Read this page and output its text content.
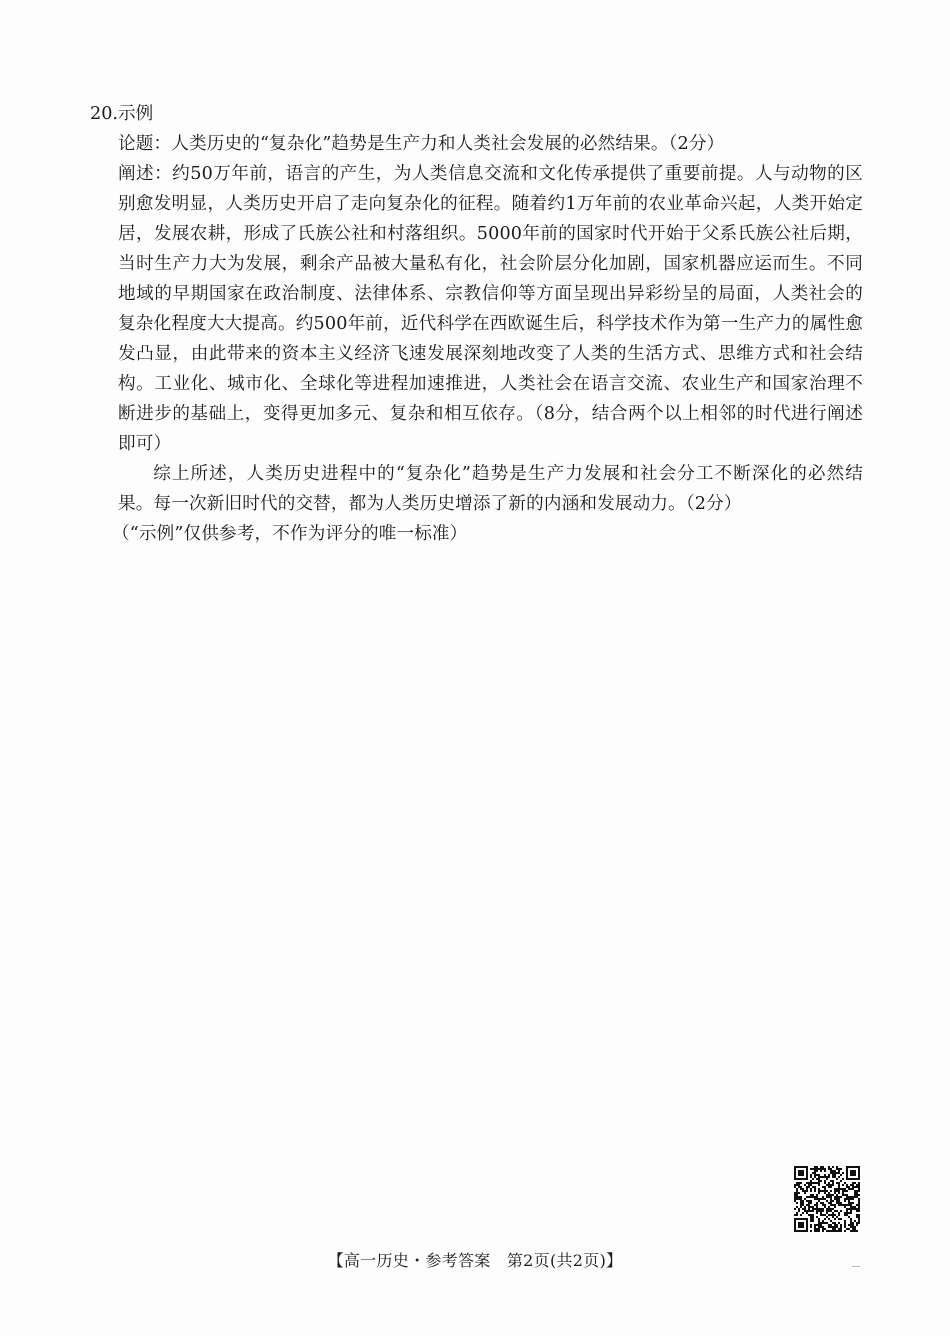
20.示例

论题：人类历史的“复杂化”趋势是生产力和人类社会发展的必然结果。（2分）

阐述：约50万年前，语言的产生，为人类信息交流和文化传承提供了重要前提。人与动物的区别愈发明显，人类历史开启了走向复杂化的征程。随着约1万年前的农业革命兴起，人类开始定居，发展农耕，形成了氏族公社和村落组织。5000年前的国家时代开始于父系氏族公社后期，当时生产力大为发展，剩余产品被大量私有化，社会阶层分化加剧，国家机器应运而生。不同地域的早期国家在政治制度、法律体系、宗教信仰等方面呈现出异彩纷呈的局面，人类社会的复杂化程度大大提高。约500年前，近代科学在西欧诞生后，科学技术作为第一生产力的属性愈发凸显，由此带来的资本主义经济飞速发展深刻地改变了人类的生活方式、思维方式和社会结构。工业化、城市化、全球化等进程加速推进，人类社会在语言交流、农业生产和国家治理不断进步的基础上，变得更加多元、复杂和相互依存。（8分，结合两个以上相邻的时代进行阐述即可）

综上所述，人类历史进程中的“复杂化”趋势是生产力发展和社会分工不断深化的必然结果。每一次新旧时代的交替，都为人类历史增添了新的内涵和发展动力。（2分）

（“示例”仅供参考，不作为评分的唯一标准）

【高一历史・参考答案　第2页(共2页)】
